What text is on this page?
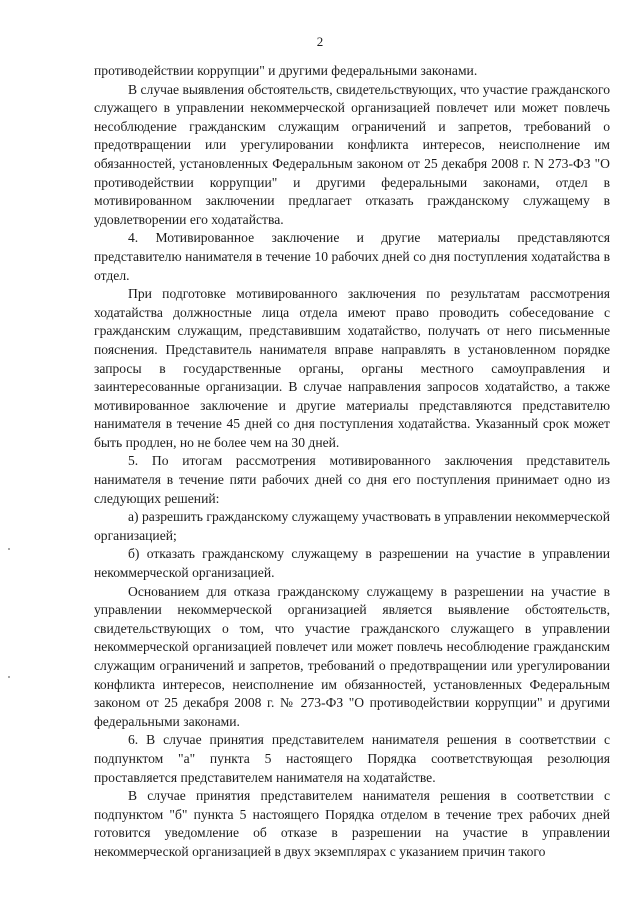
2

противодействии коррупции" и другими федеральными законами.

В случае выявления обстоятельств, свидетельствующих, что участие гражданского служащего в управлении некоммерческой организацией повлечет или может повлечь несоблюдение гражданским служащим ограничений и запретов, требований о предотвращении или урегулировании конфликта интересов, неисполнение им обязанностей, установленных Федеральным законом от 25 декабря 2008 г. N 273-ФЗ "О противодействии коррупции" и другими федеральными законами, отдел в мотивированном заключении предлагает отказать гражданскому служащему в удовлетворении его ходатайства.

4. Мотивированное заключение и другие материалы представляются представителю нанимателя в течение 10 рабочих дней со дня поступления ходатайства в отдел.

При подготовке мотивированного заключения по результатам рассмотрения ходатайства должностные лица отдела имеют право проводить собеседование с гражданским служащим, представившим ходатайство, получать от него письменные пояснения. Представитель нанимателя вправе направлять в установленном порядке запросы в государственные органы, органы местного самоуправления и заинтересованные организации. В случае направления запросов ходатайство, а также мотивированное заключение и другие материалы представляются представителю нанимателя в течение 45 дней со дня поступления ходатайства. Указанный срок может быть продлен, но не более чем на 30 дней.

5. По итогам рассмотрения мотивированного заключения представитель нанимателя в течение пяти рабочих дней со дня его поступления принимает одно из следующих решений:

а) разрешить гражданскому служащему участвовать в управлении некоммерческой организацией;

б) отказать гражданскому служащему в разрешении на участие в управлении некоммерческой организацией.

Основанием для отказа гражданскому служащему в разрешении на участие в управлении некоммерческой организацией является выявление обстоятельств, свидетельствующих о том, что участие гражданского служащего в управлении некоммерческой организацией повлечет или может повлечь несоблюдение гражданским служащим ограничений и запретов, требований о предотвращении или урегулировании конфликта интересов, неисполнение им обязанностей, установленных Федеральным законом от 25 декабря 2008 г. № 273-ФЗ "О противодействии коррупции" и другими федеральными законами.

6. В случае принятия представителем нанимателя решения в соответствии с подпунктом "а" пункта 5 настоящего Порядка соответствующая резолюция проставляется представителем нанимателя на ходатайстве.

В случае принятия представителем нанимателя решения в соответствии с подпунктом "б" пункта 5 настоящего Порядка отделом в течение трех рабочих дней готовится уведомление об отказе в разрешении на участие в управлении некоммерческой организацией в двух экземплярах с указанием причин такого
